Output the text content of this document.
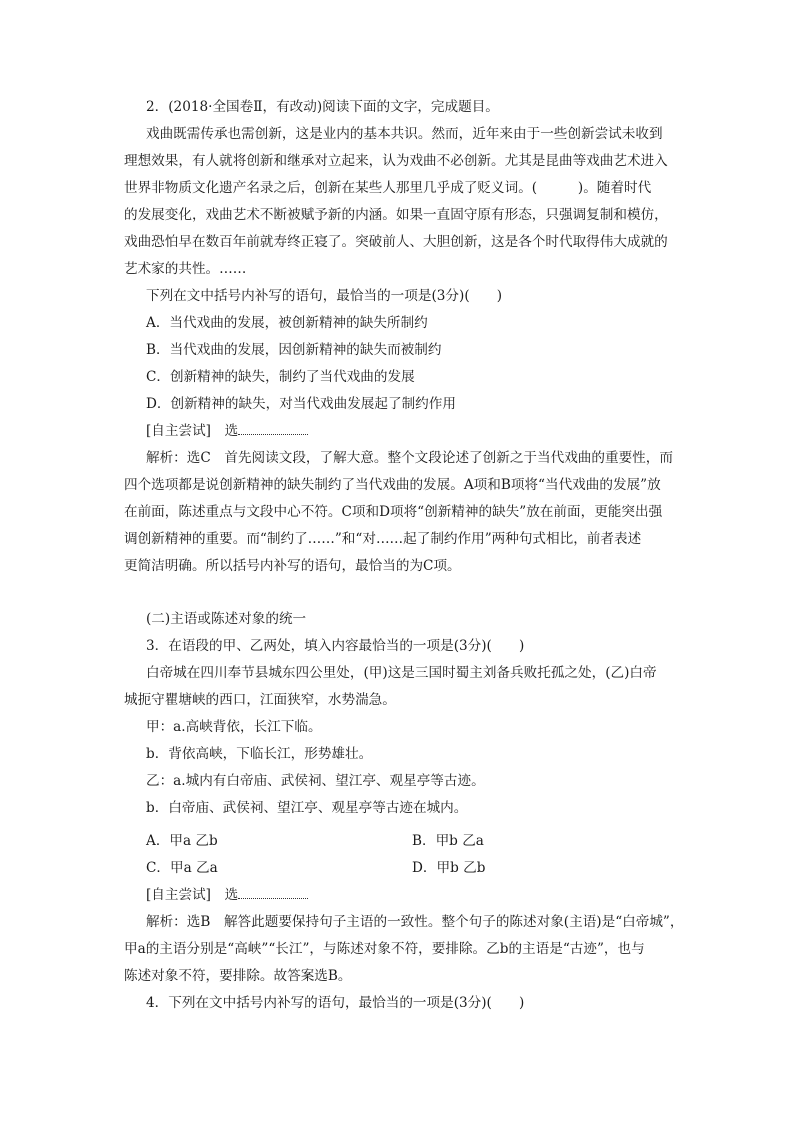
2．(2018·全国卷Ⅱ，有改动)阅读下面的文字，完成题目。
戏曲既需传承也需创新，这是业内的基本共识。然而，近年来由于一些创新尝试未收到
理想效果，有人就将创新和继承对立起来，认为戏曲不必创新。尤其是昆曲等戏曲艺术进入
世界非物质文化遗产名录之后，创新在某些人那里几乎成了贬义词。(　　　)。随着时代
的发展变化，戏曲艺术不断被赋予新的内涵。如果一直固守原有形态，只强调复制和模仿，
戏曲恐怕早在数百年前就寿终正寝了。突破前人、大胆创新，这是各个时代取得伟大成就的
艺术家的共性。……
下列在文中括号内补写的语句，最恰当的一项是(3分)(　　)
A．当代戏曲的发展，被创新精神的缺失所制约
B．当代戏曲的发展，因创新精神的缺失而被制约
C．创新精神的缺失，制约了当代戏曲的发展
D．创新精神的缺失，对当代戏曲发展起了制约作用
[自主尝试]　选
解析：选C　首先阅读文段，了解大意。整个文段论述了创新之于当代戏曲的重要性，而
四个选项都是说创新精神的缺失制约了当代戏曲的发展。A项和B项将“当代戏曲的发展”放
在前面，陈述重点与文段中心不符。C项和D项将“创新精神的缺失”放在前面，更能突出强
调创新精神的重要。而“制约了……”和“对……起了制约作用”两种句式相比，前者表述
更简洁明确。所以括号内补写的语句，最恰当的为C项。
(二)主语或陈述对象的统一
3．在语段的甲、乙两处，填入内容最恰当的一项是(3分)(　　)
白帝城在四川奉节县城东四公里处，(甲)这是三国时蜀主刘备兵败托孤之处，(乙)白帝
城扼守瞿塘峡的西口，江面狭窄，水势湍急。
甲：a.高峡背依，长江下临。
b．背依高峡，下临长江，形势雄壮。
乙：a.城内有白帝庙、武侯祠、望江亭、观星亭等古迹。
b．白帝庙、武侯祠、望江亭、观星亭等古迹在城内。
A．甲a 乙b	B．甲b 乙a
C．甲a 乙a	D．甲b 乙b
[自主尝试]　选
解析：选B　解答此题要保持句子主语的一致性。整个句子的陈述对象(主语)是“白帝城”，
甲a的主语分别是“高峡”“长江”，与陈述对象不符，要排除。乙b的主语是“古迹”，也与
陈述对象不符，要排除。故答案选B。
4．下列在文中括号内补写的语句，最恰当的一项是(3分)(　　)
